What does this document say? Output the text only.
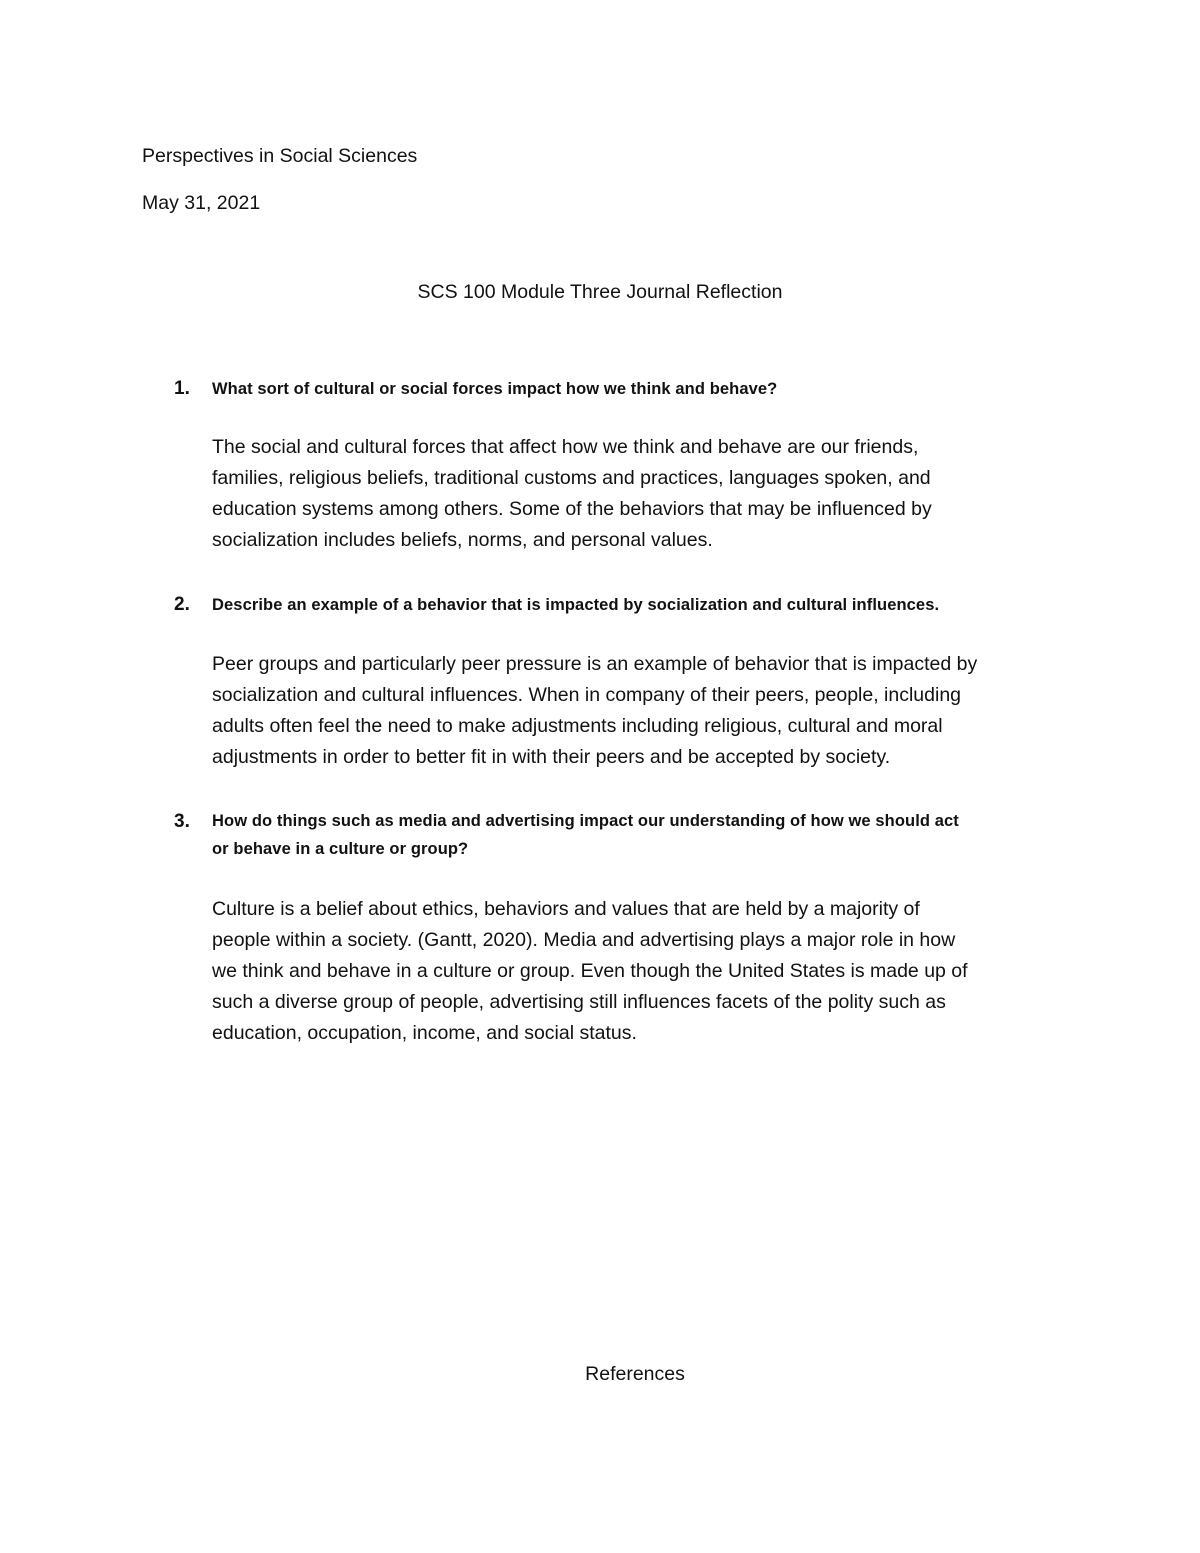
Perspectives in Social Sciences
May 31, 2021
SCS 100 Module Three Journal Reflection
1. What sort of cultural or social forces impact how we think and behave?
The social and cultural forces that affect how we think and behave are our friends,
families, religious beliefs, traditional customs and practices, languages spoken, and
education systems among others. Some of the behaviors that may be influenced by
socialization includes beliefs, norms, and personal values.
2. Describe an example of a behavior that is impacted by socialization and cultural influences.
Peer groups and particularly peer pressure is an example of behavior that is impacted by
socialization and cultural influences. When in company of their peers, people, including
adults often feel the need to make adjustments including religious, cultural and moral
adjustments in order to better fit in with their peers and be accepted by society.
3. How do things such as media and advertising impact our understanding of how we should act
or behave in a culture or group?
Culture is a belief about ethics, behaviors and values that are held by a majority of
people within a society. (Gantt, 2020). Media and advertising plays a major role in how
we think and behave in a culture or group. Even though the United States is made up of
such a diverse group of people, advertising still influences facets of the polity such as
education, occupation, income, and social status.
References
